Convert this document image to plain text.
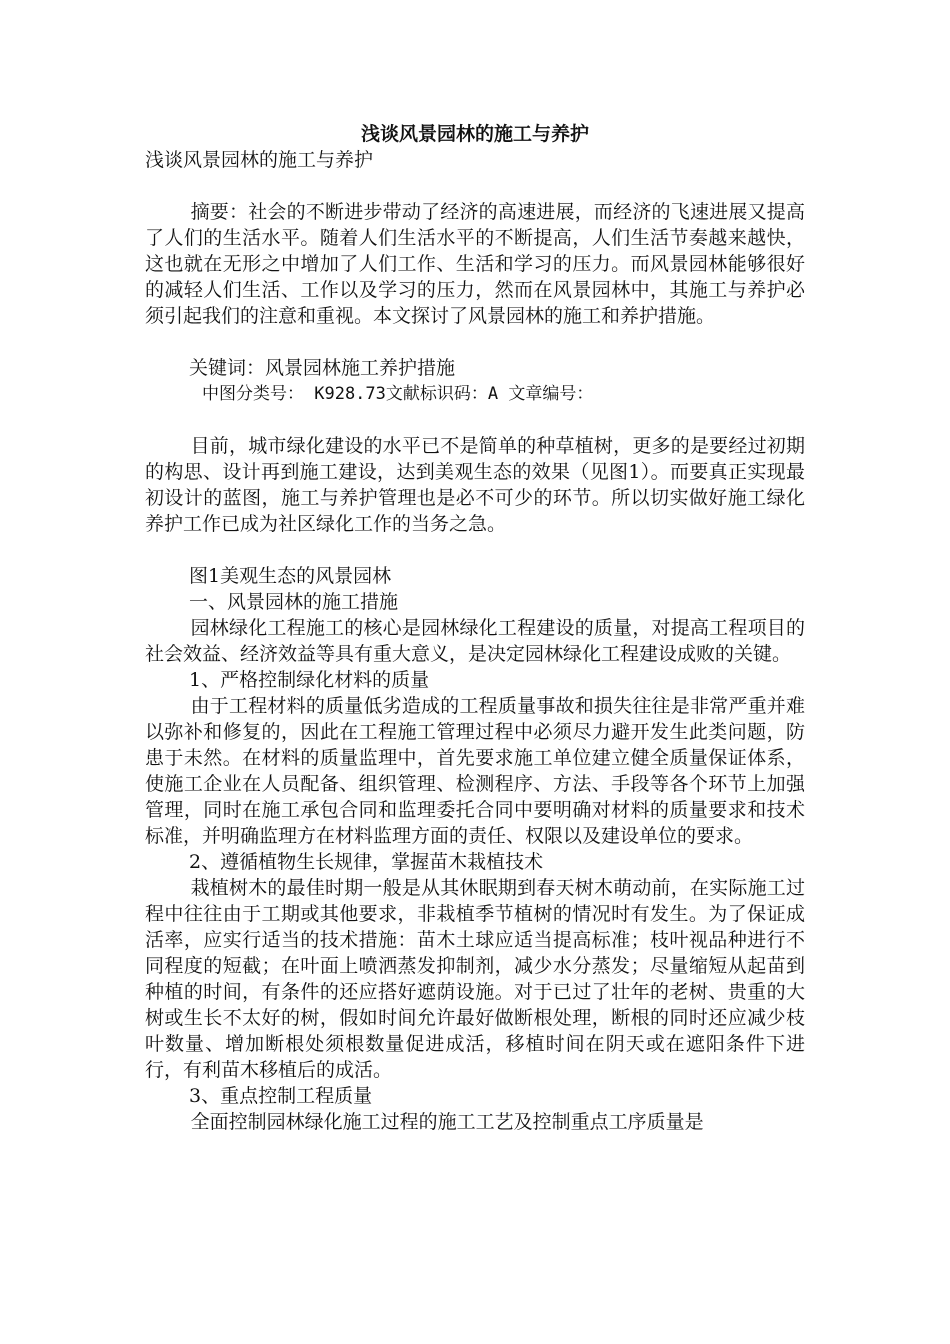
浅谈风景园林的施工与养护
浅谈风景园林的施工与养护

摘要：社会的不断进步带动了经济的高速进展，而经济的飞速进展又提高了人们的生活水平。随着人们生活水平的不断提高，人们生活节奏越来越快，这也就在无形之中增加了人们工作、生活和学习的压力。而风景园林能够很好的减轻人们生活、工作以及学习的压力，然而在风景园林中，其施工与养护必须引起我们的注意和重视。本文探讨了风景园林的施工和养护措施。

关键词：风景园林施工养护措施
中图分类号： K928.73文献标识码：A 文章编号：

目前，城市绿化建设的水平已不是简单的种草植树，更多的是要经过初期的构思、设计再到施工建设，达到美观生态的效果（见图1）。而要真正实现最初设计的蓝图，施工与养护管理也是必不可少的环节。所以切实做好施工绿化养护工作已成为社区绿化工作的当务之急。

图1美观生态的风景园林
一、风景园林的施工措施

园林绿化工程施工的核心是园林绿化工程建设的质量，对提高工程项目的社会效益、经济效益等具有重大意义，是决定园林绿化工程建设成败的关键。

1、严格控制绿化材料的质量

由于工程材料的质量低劣造成的工程质量事故和损失往往是非常严重并难以弥补和修复的，因此在工程施工管理过程中必须尽力避开发生此类问题，防患于未然。在材料的质量监理中，首先要求施工单位建立健全质量保证体系，使施工企业在人员配备、组织管理、检测程序、方法、手段等各个环节上加强管理，同时在施工承包合同和监理委托合同中要明确对材料的质量要求和技术标准，并明确监理方在材料监理方面的责任、权限以及建设单位的要求。

2、遵循植物生长规律，掌握苗木栽植技术

栽植树木的最佳时期一般是从其休眠期到春天树木萌动前，在实际施工过程中往往由于工期或其他要求，非栽植季节植树的情况时有发生。为了保证成活率，应实行适当的技术措施：苗木土球应适当提高标准；枝叶视品种进行不同程度的短截；在叶面上喷洒蒸发抑制剂，减少水分蒸发；尽量缩短从起苗到种植的时间，有条件的还应搭好遮荫设施。对于已过了壮年的老树、贵重的大树或生长不太好的树，假如时间允许最好做断根处理，断根的同时还应减少枝叶数量、增加断根处须根数量促进成活，移植时间在阴天或在遮阳条件下进行，有利苗木移植后的成活。

3、重点控制工程质量

全面控制园林绿化施工过程的施工工艺及控制重点工序质量是
